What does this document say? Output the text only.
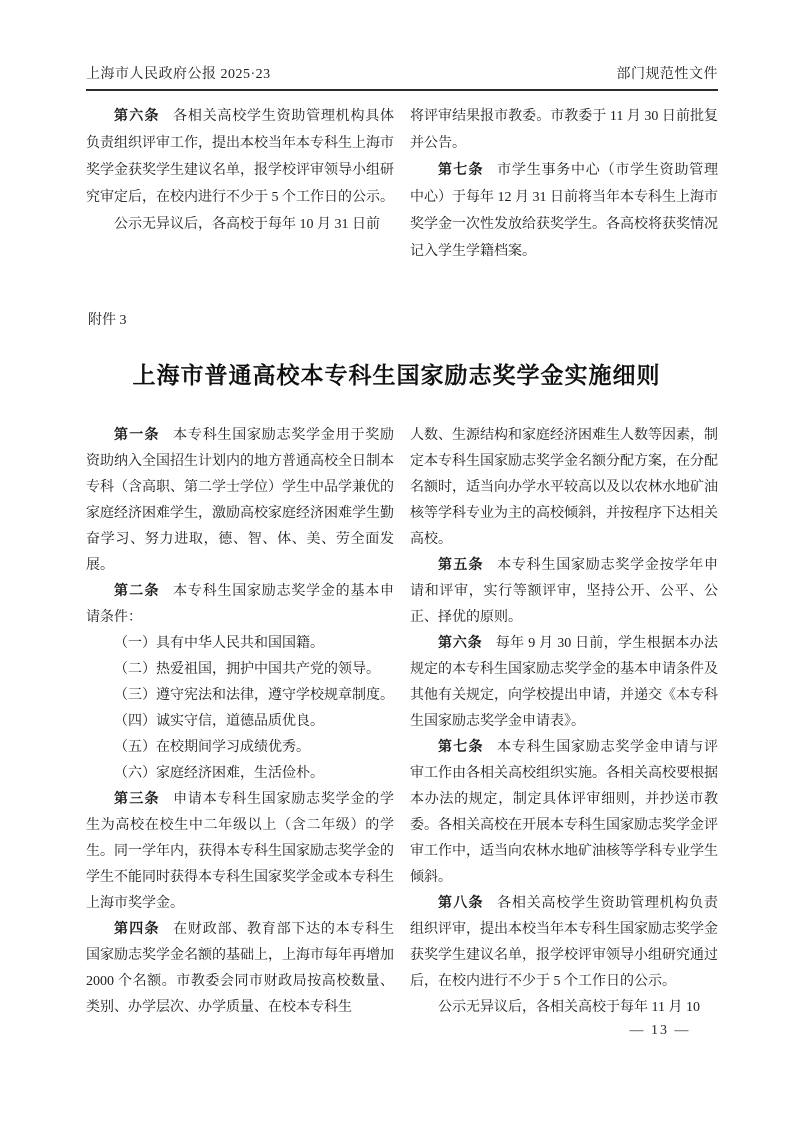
上海市人民政府公报 2025·23	部门规范性文件

第六条 各相关高校学生资助管理机构具体负责组织评审工作，提出本校当年本专科生上海市奖学金获奖学生建议名单，报学校评审领导小组研究审定后，在校内进行不少于 5 个工作日的公示。

公示无异议后，各高校于每年 10 月 31 日前

将评审结果报市教委。市教委于 11 月 30 日前批复并公告。

第七条 市学生事务中心（市学生资助管理中心）于每年 12 月 31 日前将当年本专科生上海市奖学金一次性发放给获奖学生。各高校将获奖情况记入学生学籍档案。

附件 3
上海市普通高校本专科生国家励志奖学金实施细则

第一条 本专科生国家励志奖学金用于奖励资助纳入全国招生计划内的地方普通高校全日制本专科（含高职、第二学士学位）学生中品学兼优的家庭经济困难学生，激励高校家庭经济困难学生勤奋学习、努力进取，德、智、体、美、劳全面发展。

第二条 本专科生国家励志奖学金的基本申请条件：

（一）具有中华人民共和国国籍。

（二）热爱祖国，拥护中国共产党的领导。

（三）遵守宪法和法律，遵守学校规章制度。

（四）诚实守信，道德品质优良。

（五）在校期间学习成绩优秀。

（六）家庭经济困难，生活俭朴。

第三条 申请本专科生国家励志奖学金的学生为高校在校生中二年级以上（含二年级）的学生。同一学年内，获得本专科生国家励志奖学金的学生不能同时获得本专科生国家奖学金或本专科生上海市奖学金。

第四条 在财政部、教育部下达的本专科生国家励志奖学金名额的基础上，上海市每年再增加 2000 个名额。市教委会同市财政局按高校数量、类别、办学层次、办学质量、在校本专科生

人数、生源结构和家庭经济困难生人数等因素，制定本专科生国家励志奖学金名额分配方案，在分配名额时，适当向办学水平较高以及以农林水地矿油核等学科专业为主的高校倾斜，并按程序下达相关高校。

第五条 本专科生国家励志奖学金按学年申请和评审，实行等额评审，坚持公开、公平、公正、择优的原则。

第六条 每年 9 月 30 日前，学生根据本办法规定的本专科生国家励志奖学金的基本申请条件及其他有关规定，向学校提出申请，并递交《本专科生国家励志奖学金申请表》。

第七条 本专科生国家励志奖学金申请与评审工作由各相关高校组织实施。各相关高校要根据本办法的规定，制定具体评审细则，并抄送市教委。各相关高校在开展本专科生国家励志奖学金评审工作中，适当向农林水地矿油核等学科专业学生倾斜。

第八条 各相关高校学生资助管理机构负责组织评审，提出本校当年本专科生国家励志奖学金获奖学生建议名单，报学校评审领导小组研究通过后，在校内进行不少于 5 个工作日的公示。

公示无异议后，各相关高校于每年 11 月 10

— 13 —
